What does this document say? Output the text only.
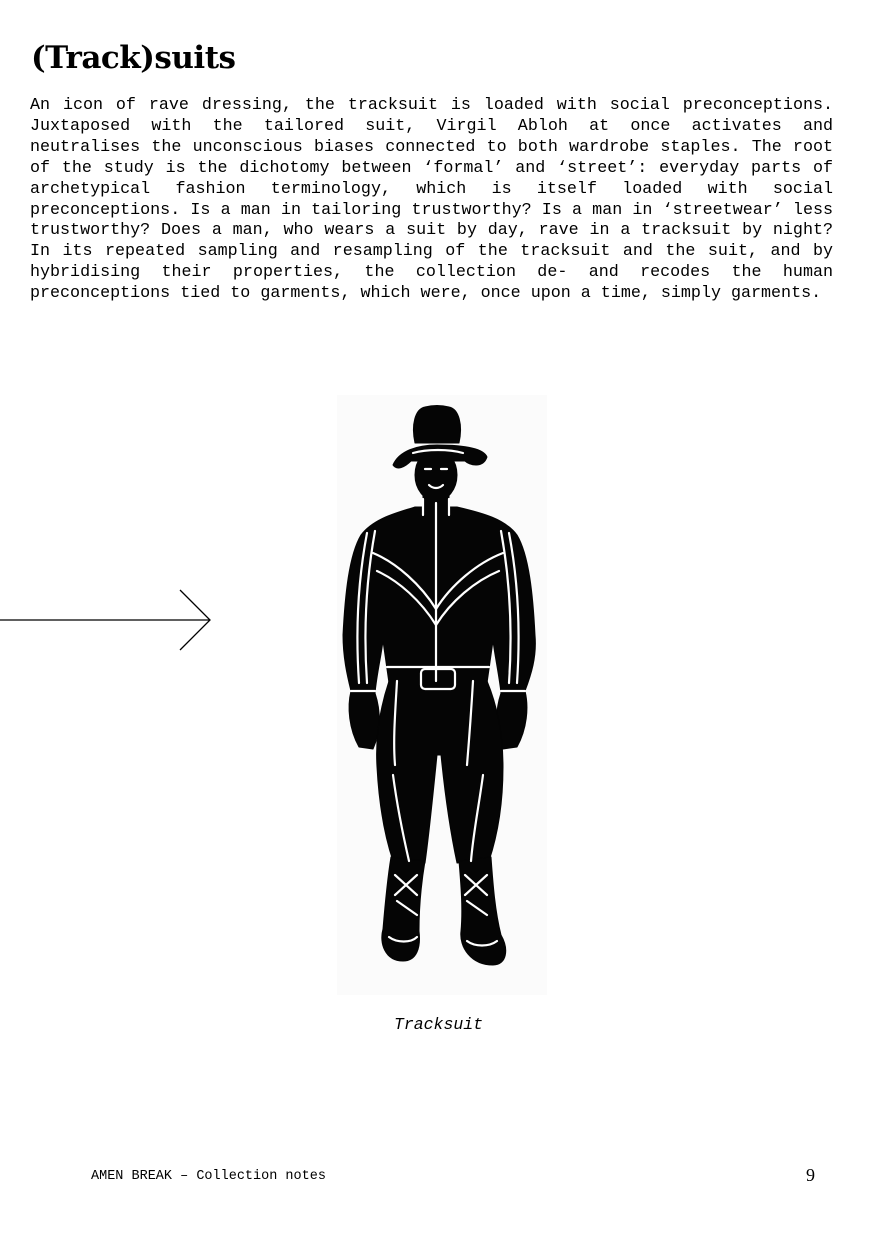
(Track)suits

An icon of rave dressing, the tracksuit is loaded with social preconceptions. Juxtaposed with the tailored suit, Virgil Abloh at once activates and neutralises the unconscious biases connected to both wardrobe staples. The root of the study is the dichotomy between ‘formal’ and ‘street’: everyday parts of archetypical fashion terminology, which is itself loaded with social preconceptions. Is a man in tailoring trustworthy? Is a man in ‘streetwear’ less trustworthy? Does a man, who wears a suit by day, rave in a tracksuit by night? In its repeated sampling and resampling of the tracksuit and the suit, and by hybridising their properties, the collection de- and recodes the human preconceptions tied to garments, which were, once upon a time, simply garments.

Tracksuit
AMEN BREAK – Collection notes	9
